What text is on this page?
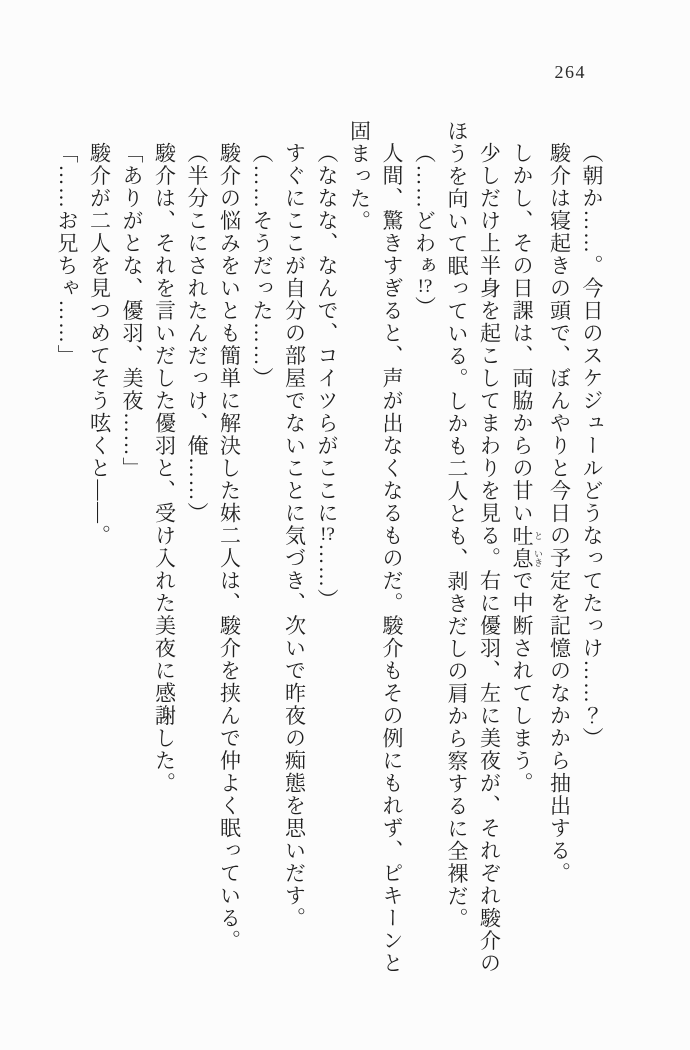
264

（朝か……。今日のスケジュールどうなってたっけ……？）

駿介は寝起きの頭で、ぼんやりと今日の予定を記憶のなかから抽出する。

しかし、その日課は、両脇からの甘い吐 と息 いきで中断されてしまう。

少しだけ上半身を起こしてまわりを見る。右に優羽、左に美夜が、それぞれ駿介の

ほうを向いて眠っている。しかも二人とも、剥きだしの肩から察するに全裸だ。

（……どわぁ!?）

人間、驚きすぎると、声が出なくなるものだ。駿介もその例にもれず、ピキーンと

固まった。

（ななな、なんで、コイツらがここに!?……）

すぐにここが自分の部屋でないことに気づき、次いで昨夜の痴態を思いだす。

（……そうだった……）

駿介の悩みをいとも簡単に解決した妹二人は、駿介を挟んで仲よく眠っている。

（半分こにされたんだっけ、俺……）

駿介は、それを言いだした優羽と、受け入れた美夜に感謝した。

「ありがとな、優羽、美夜……」

駿介が二人を見つめてそう呟くと――。

「……お兄ちゃ……」
